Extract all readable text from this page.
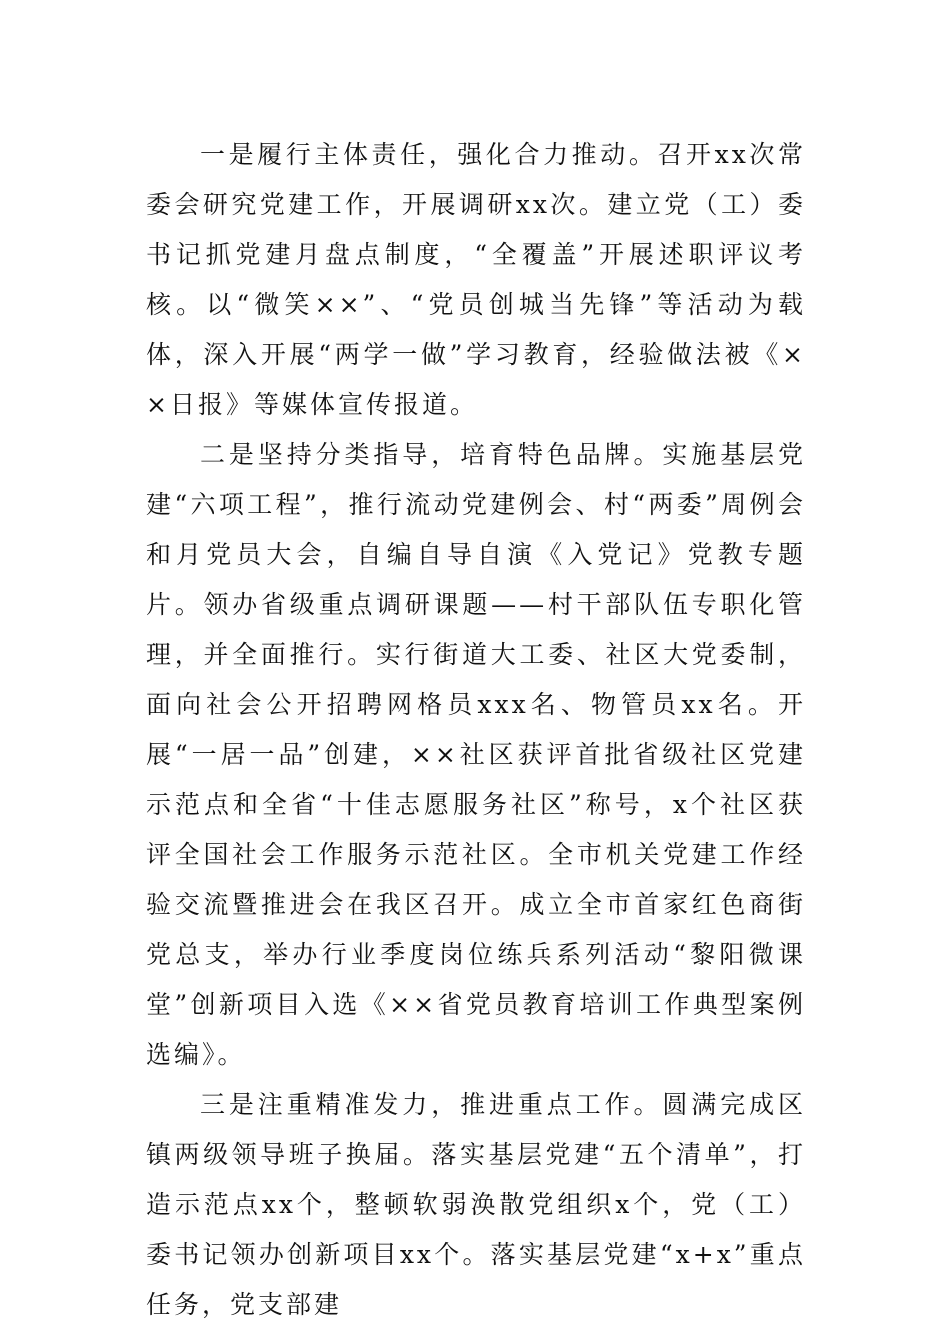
一是履行主体责任，强化合力推动。召开xx次常委会研究党建工作，开展调研xx次。建立党（工）委书记抓党建月盘点制度，“全覆盖”开展述职评议考核。以“微笑××”、“党员创城当先锋”等活动为载体，深入开展“两学一做”学习教育，经验做法被《××日报》等媒体宣传报道。

二是坚持分类指导，培育特色品牌。实施基层党建“六项工程”，推行流动党建例会、村“两委”周例会和月党员大会，自编自导自演《入党记》党教专题片。领办省级重点调研课题——村干部队伍专职化管理，并全面推行。实行街道大工委、社区大党委制，面向社会公开招聘网格员xxx名、物管员xx名。开展“一居一品”创建，××社区获评首批省级社区党建示范点和全省“十佳志愿服务社区”称号，x个社区获评全国社会工作服务示范社区。全市机关党建工作经验交流暨推进会在我区召开。成立全市首家红色商街党总支，举办行业季度岗位练兵系列活动“黎阳微课堂”创新项目入选《××省党员教育培训工作典型案例选编》。

三是注重精准发力，推进重点工作。圆满完成区镇两级领导班子换届。落实基层党建“五个清单”，打造示范点xx个，整顿软弱涣散党组织x个，党（工）委书记领办创新项目xx个。落实基层党建“x+x”重点任务，党支部建
